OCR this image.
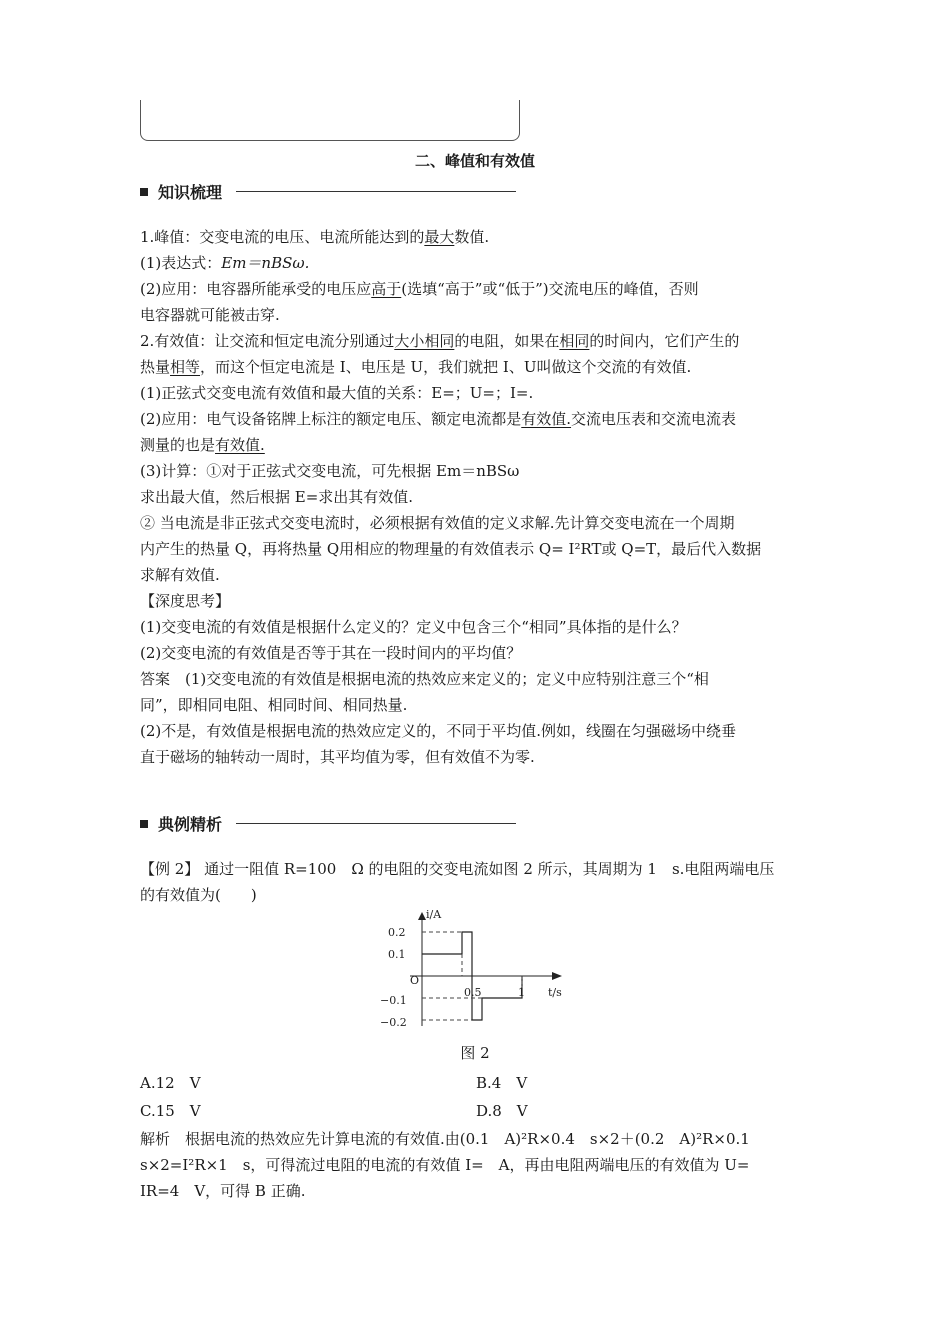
二、峰值和有效值
知识梳理
1.峰值：交变电流的电压、电流所能达到的最大数值.
(1)表达式：Em＝nBSω.
(2)应用：电容器所能承受的电压应高于(选填“高于”或“低于”)交流电压的峰值，否则
电容器就可能被击穿.
2.有效值：让交流和恒定电流分别通过大小相同的电阻，如果在相同的时间内，它们产生的
热量相等，而这个恒定电流是 I、电压是 U，我们就把 I、U叫做这个交流的有效值.
(1)正弦式交变电流有效值和最大值的关系：E=；U=；I=.
(2)应用：电气设备铭牌上标注的额定电压、额定电流都是有效值.交流电压表和交流电流表
测量的也是有效值.
(3)计算：①对于正弦式交变电流，可先根据 Em＝nBSω
求出最大值，然后根据 E=求出其有效值.
② 当电流是非正弦式交变电流时，必须根据有效值的定义求解.先计算交变电流在一个周期
内产生的热量 Q，再将热量 Q用相应的物理量的有效值表示 Q= I²RT或 Q=T，最后代入数据
求解有效值.
【深度思考】
(1)交变电流的有效值是根据什么定义的？定义中包含三个“相同”具体指的是什么？
(2)交变电流的有效值是否等于其在一段时间内的平均值？
答案　(1)交变电流的有效值是根据电流的热效应来定义的；定义中应特别注意三个“相
同”，即相同电阻、相同时间、相同热量.
(2)不是，有效值是根据电流的热效应定义的，不同于平均值.例如，线圈在匀强磁场中绕垂
直于磁场的轴转动一周时，其平均值为零，但有效值不为零.
典例精析
【例 2】 通过一阻值 R=100　Ω 的电阻的交变电流如图 2 所示，其周期为 1　s.电阻两端电压
的有效值为(　　)
i/A
t/s
O
0.2
0.1
−0.1
−0.2
0.5	1
图 2
A.12　V	B.4　V
C.15　V	D.8　V
解析　根据电流的热效应先计算电流的有效值.由(0.1　A)²R×0.4　s×2＋(0.2　A)²R×0.1
s×2=I²R×1　s，可得流过电阻的电流的有效值 I=　A，再由电阻两端电压的有效值为 U=
IR=4　V，可得 B 正确.
